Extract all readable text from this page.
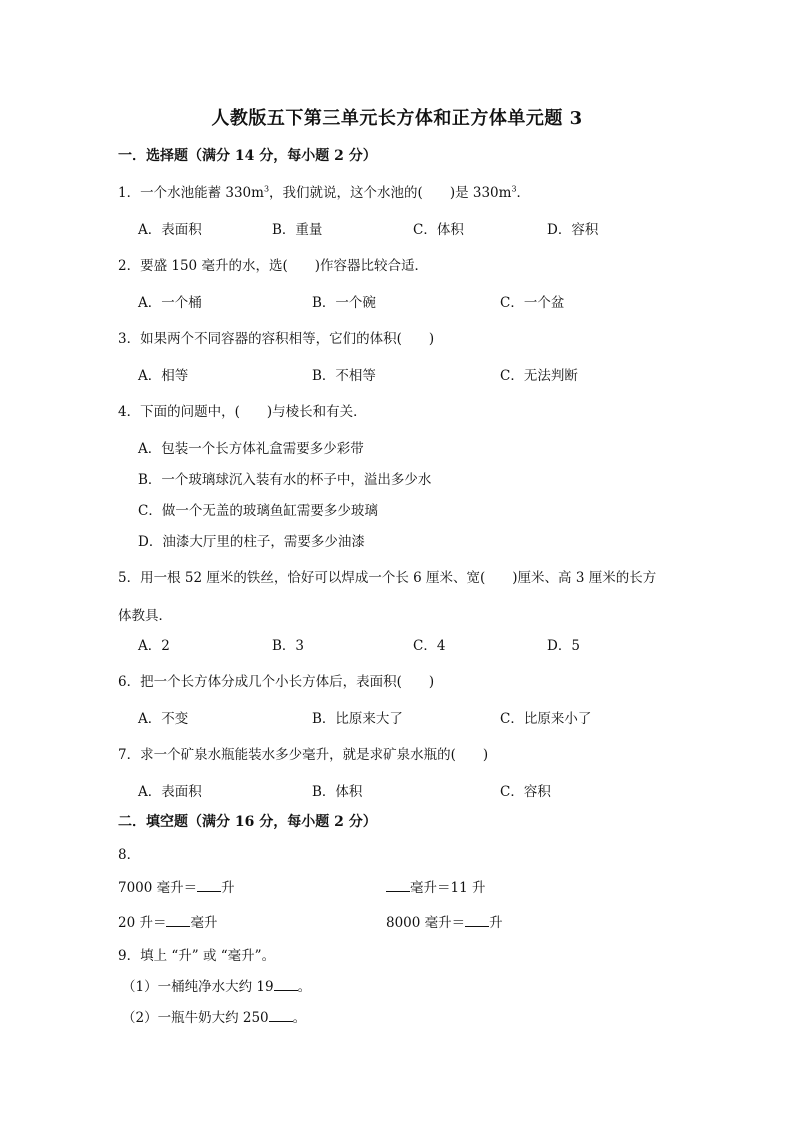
人教版五下第三单元长方体和正方体单元题 3
一．选择题（满分 14 分，每小题 2 分）
1．一个水池能蓄 $330m^3$，我们就说，这个水池的(　　)是 $330m^3$．
A．表面积	B．重量	C．体积	D．容积
2．要盛 150 毫升的水，选(　　)作容器比较合适．
A．一个桶	B．一个碗	C．一个盆
3．如果两个不同容器的容积相等，它们的体积(　　)
A．相等	B．不相等	C．无法判断
4．下面的问题中，(　　)与棱长和有关．
A．包装一个长方体礼盒需要多少彩带
B．一个玻璃球沉入装有水的杯子中，溢出多少水
C．做一个无盖的玻璃鱼缸需要多少玻璃
D．油漆大厅里的柱子，需要多少油漆
5．用一根 52 厘米的铁丝，恰好可以焊成一个长 6 厘米、宽(　　)厘米、高 3 厘米的长方
体教具．
A．2	B．3	C．4	D．5
6．把一个长方体分成几个小长方体后，表面积(　　)
A．不变	B．比原来大了	C．比原来小了
7．求一个矿泉水瓶能装水多少毫升，就是求矿泉水瓶的(　　)
A．表面积	B．体积	C．容积
二．填空题（满分 16 分，每小题 2 分）
8．
7000 毫升＝ 升	毫升＝11 升
20 升＝ 毫升	8000 毫升＝ 升
9．填上 “升” 或 “毫升”。
（1）一桶纯净水大约 19 。
（2）一瓶牛奶大约 250 。
